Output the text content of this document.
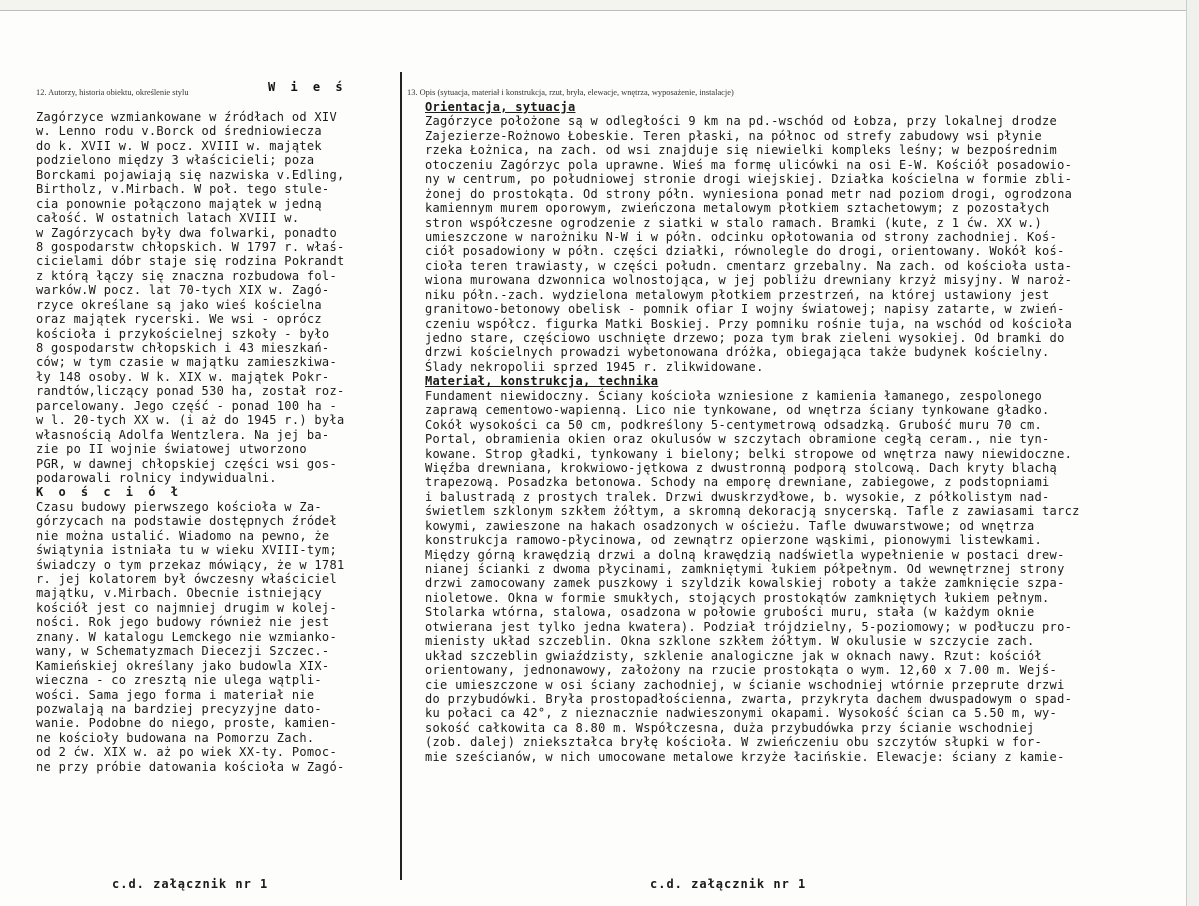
12. Autorzy, historia obiektu, określenie stylu	W i e ś	13. Opis (sytuacja, materiał i konstrukcja, rzut, bryła, elewacje, wnętrza, wyposażenie, instalacje)
Zagórzyce wzmiankowane w źródłach od XIV
w. Lenno rodu v.Borck od średniowiecza
do k. XVII w. W pocz. XVIII w. majątek
podzielono między 3 właścicieli; poza
Borckami pojawiają się nazwiska v.Edling,
Birtholz, v.Mirbach. W poł. tego stule-
cia ponownie połączono majątek w jedną
całość. W ostatnich latach XVIII w.
w Zagórzycach były dwa folwarki, ponadto
8 gospodarstw chłopskich. W 1797 r. właś-
cicielami dóbr staje się rodzina Pokrandt
z którą łączy się znaczna rozbudowa fol-
warków.W pocz. lat 70-tych XIX w. Zagó-
rzyce określane są jako wieś kościelna
oraz majątek rycerski. We wsi - oprócz
kościoła i przykościelnej szkoły - było
8 gospodarstw chłopskich i 43 mieszkań-
ców; w tym czasie w majątku zamieszkiwa-
ły 148 osoby. W k. XIX w. majątek Pokr-
randtów,liczący ponad 530 ha, został roz-
parcelowany. Jego część - ponad 100 ha -
w l. 20-tych XX w. (i aż do 1945 r.) była
własnością Adolfa Wentzlera. Na jej ba-
zie po II wojnie światowej utworzono
PGR, w dawnej chłopskiej części wsi gos-
podarowali rolnicy indywidualni.
K o ś c i ó ł
Czasu budowy pierwszego kościoła w Za-
górzycach na podstawie dostępnych źródeł
nie można ustalić. Wiadomo na pewno, że
świątynia istniała tu w wieku XVIII-tym;
świadczy o tym przekaz mówiący, że w 1781
r. jej kolatorem był ówczesny właściciel
majątku, v.Mirbach. Obecnie istniejący
kościół jest co najmniej drugim w kolej-
ności. Rok jego budowy również nie jest
znany. W katalogu Lemckego nie wzmianko-
wany, w Schematyzmach Diecezji Szczec.-
Kamieńskiej określany jako budowla XIX-
wieczna - co zresztą nie ulega wątpli-
wości. Sama jego forma i materiał nie
pozwalają na bardziej precyzyjne dato-
wanie. Podobne do niego, proste, kamien-
ne kościoły budowana na Pomorzu Zach.
od 2 ćw. XIX w. aż po wiek XX-ty. Pomoc-
ne przy próbie datowania kościoła w Zagó-
Orientacja, sytuacja
Zagórzyce położone są w odległości 9 km na pd.-wschód od Łobza, przy lokalnej drodze
Zajezierze-Rożnowo Łobeskie. Teren płaski, na północ od strefy zabudowy wsi płynie
rzeka Łożnica, na zach. od wsi znajduje się niewielki kompleks leśny; w bezpośrednim
otoczeniu Zagórzyc pola uprawne. Wieś ma formę ulicówki na osi E-W. Kościół posadowio-
ny w centrum, po południowej stronie drogi wiejskiej. Działka kościelna w formie zbli-
żonej do prostokąta. Od strony półn. wyniesiona ponad metr nad poziom drogi, ogrodzona
kamiennym murem oporowym, zwieńczona metalowym płotkiem sztachetowym; z pozostałych
stron współczesne ogrodzenie z siatki w stalo ramach. Bramki (kute, z 1 ćw. XX w.)
umieszczone w narożniku N-W i w półn. odcinku opłotowania od strony zachodniej. Koś-
ciół posadowiony w półn. części działki, równolegle do drogi, orientowany. Wokół koś-
cioła teren trawiasty, w części połudn. cmentarz grzebalny. Na zach. od kościoła usta-
wiona murowana dzwonnica wolnostojąca, w jej pobliżu drewniany krzyż misyjny. W naroż-
niku półn.-zach. wydzielona metalowym płotkiem przestrzeń, na której ustawiony jest
granitowo-betonowy obelisk - pomnik ofiar I wojny światowej; napisy zatarte, w zwień-
czeniu współcz. figurka Matki Boskiej. Przy pomniku rośnie tuja, na wschód od kościoła
jedno stare, częściowo uschnięte drzewo; poza tym brak zieleni wysokiej. Od bramki do
drzwi kościelnych prowadzi wybetonowana dróżka, obiegająca także budynek kościelny.
Ślady nekropolii sprzed 1945 r. zlikwidowane.
Materiał, konstrukcja, technika
Fundament niewidoczny. Ściany kościoła wzniesione z kamienia łamanego, zespolonego
zaprawą cementowo-wapienną. Lico nie tynkowane, od wnętrza ściany tynkowane gładko.
Cokół wysokości ca 50 cm, podkreślony 5-centymetrową odsadzką. Grubość muru 70 cm.
Portal, obramienia okien oraz okulusów w szczytach obramione cegłą ceram., nie tyn-
kowane. Strop gładki, tynkowany i bielony; belki stropowe od wnętrza nawy niewidoczne.
Więźba drewniana, krokwiowo-jętkowa z dwustronną podporą stolcową. Dach kryty blachą
trapezową. Posadzka betonowa. Schody na emporę drewniane, zabiegowe, z podstopniami
i balustradą z prostych tralek. Drzwi dwuskrzydłowe, b. wysokie, z półkolistym nad-
świetlem szklonym szkłem żółtym, a skromną dekoracją snycerską. Tafle z zawiasami tarcz
kowymi, zawieszone na hakach osadzonych w ościeżu. Tafle dwuwarstwowe; od wnętrza
konstrukcja ramowo-płycinowa, od zewnątrz opierzone wąskimi, pionowymi listewkami.
Między górną krawędzią drzwi a dolną krawędzią nadświetla wypełnienie w postaci drew-
nianej ścianki z dwoma płycinami, zamkniętymi łukiem półpełnym. Od wewnętrznej strony
drzwi zamocowany zamek puszkowy i szyldzik kowalskiej roboty a także zamknięcie szpa-
nioletowe. Okna w formie smukłych, stojących prostokątów zamkniętych łukiem pełnym.
Stolarka wtórna, stalowa, osadzona w połowie grubości muru, stała (w każdym oknie
otwierana jest tylko jedna kwatera). Podział trójdzielny, 5-poziomowy; w podłuczu pro-
mienisty układ szczeblin. Okna szklone szkłem żółtym. W okulusie w szczycie zach.
układ szczeblin gwiaździsty, szklenie analogiczne jak w oknach nawy. Rzut: kościół
orientowany, jednonawowy, założony na rzucie prostokąta o wym. 12,60 x 7.00 m. Wejś-
cie umieszczone w osi ściany zachodniej, w ścianie wschodniej wtórnie przeprute drzwi
do przybudówki. Bryła prostopadłościenna, zwarta, przykryta dachem dwuspadowym o spad-
ku połaci ca 42°, z nieznacznie nadwieszonymi okapami. Wysokość ścian ca 5.50 m, wy-
sokość całkowita ca 8.80 m. Współczesna, duża przybudówka przy ścianie wschodniej
(zob. dalej) zniekształca bryłę kościoła. W zwieńczeniu obu szczytów słupki w for-
mie sześcianów, w nich umocowane metalowe krzyże łacińskie. Elewacje: ściany z kamie-
c.d. załącznik nr 1	c.d. załącznik nr 1
